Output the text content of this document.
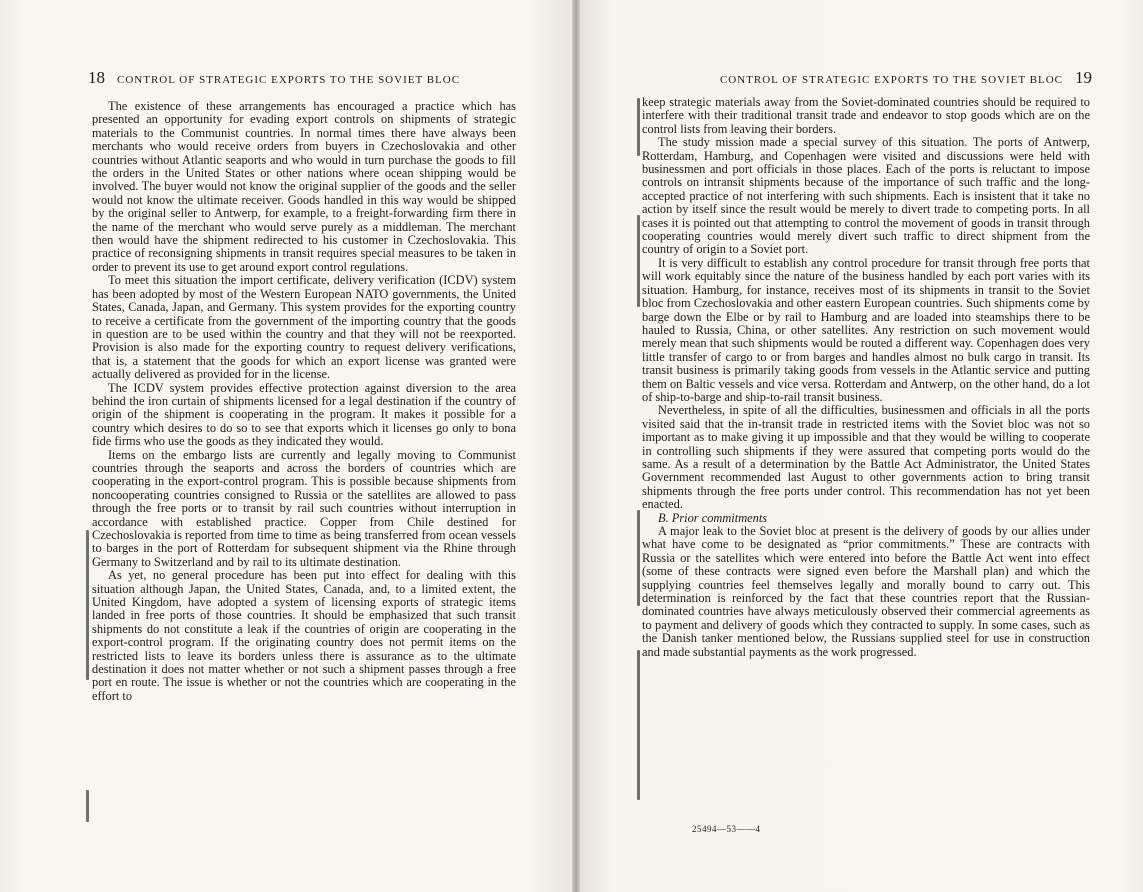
18 CONTROL OF STRATEGIC EXPORTS TO THE SOVIET BLOC

The existence of these arrangements has encouraged a practice which has presented an opportunity for evading export controls on shipments of strategic materials to the Communist countries. In normal times there have always been merchants who would receive orders from buyers in Czechoslovakia and other countries without Atlantic seaports and who would in turn purchase the goods to fill the orders in the United States or other nations where ocean shipping would be involved. The buyer would not know the original supplier of the goods and the seller would not know the ultimate receiver. Goods handled in this way would be shipped by the original seller to Antwerp, for example, to a freight-forwarding firm there in the name of the merchant who would serve purely as a middleman. The merchant then would have the shipment redirected to his customer in Czechoslovakia. This practice of reconsigning shipments in transit requires special measures to be taken in order to prevent its use to get around export control regulations.

To meet this situation the import certificate, delivery verification (ICDV) system has been adopted by most of the Western European NATO governments, the United States, Canada, Japan, and Germany. This system provides for the exporting country to receive a certificate from the government of the importing country that the goods in question are to be used within the country and that they will not be reexported. Provision is also made for the exporting country to request delivery verifications, that is, a statement that the goods for which an export license was granted were actually delivered as provided for in the license.

The ICDV system provides effective protection against diversion to the area behind the iron curtain of shipments licensed for a legal destination if the country of origin of the shipment is cooperating in the program. It makes it possible for a country which desires to do so to see that exports which it licenses go only to bona fide firms who use the goods as they indicated they would.

Items on the embargo lists are currently and legally moving to Communist countries through the seaports and across the borders of countries which are cooperating in the export-control program. This is possible because shipments from noncooperating countries consigned to Russia or the satellites are allowed to pass through the free ports or to transit by rail such countries without interruption in accordance with established practice. Copper from Chile destined for Czechoslovakia is reported from time to time as being transferred from ocean vessels to barges in the port of Rotterdam for subsequent shipment via the Rhine through Germany to Switzerland and by rail to its ultimate destination.

As yet, no general procedure has been put into effect for dealing with this situation although Japan, the United States, Canada, and, to a limited extent, the United Kingdom, have adopted a system of licensing exports of strategic items landed in free ports of those countries. It should be emphasized that such transit shipments do not constitute a leak if the countries of origin are cooperating in the export-control program. If the originating country does not permit items on the restricted lists to leave its borders unless there is assurance as to the ultimate destination it does not matter whether or not such a shipment passes through a free port en route. The issue is whether or not the countries which are cooperating in the effort to

CONTROL OF STRATEGIC EXPORTS TO THE SOVIET BLOC 19

keep strategic materials away from the Soviet-dominated countries should be required to interfere with their traditional transit trade and endeavor to stop goods which are on the control lists from leaving their borders.

The study mission made a special survey of this situation. The ports of Antwerp, Rotterdam, Hamburg, and Copenhagen were visited and discussions were held with businessmen and port officials in those places. Each of the ports is reluctant to impose controls on intransit shipments because of the importance of such traffic and the long-accepted practice of not interfering with such shipments. Each is insistent that it take no action by itself since the result would be merely to divert trade to competing ports. In all cases it is pointed out that attempting to control the movement of goods in transit through cooperating countries would merely divert such traffic to direct shipment from the country of origin to a Soviet port.

It is very difficult to establish any control procedure for transit through free ports that will work equitably since the nature of the business handled by each port varies with its situation. Hamburg, for instance, receives most of its shipments in transit to the Soviet bloc from Czechoslovakia and other eastern European countries. Such shipments come by barge down the Elbe or by rail to Hamburg and are loaded into steamships there to be hauled to Russia, China, or other satellites. Any restriction on such movement would merely mean that such shipments would be routed a different way. Copenhagen does very little transfer of cargo to or from barges and handles almost no bulk cargo in transit. Its transit business is primarily taking goods from vessels in the Atlantic service and putting them on Baltic vessels and vice versa. Rotterdam and Antwerp, on the other hand, do a lot of ship-to-barge and ship-to-rail transit business.

Nevertheless, in spite of all the difficulties, businessmen and officials in all the ports visited said that the in-transit trade in restricted items with the Soviet bloc was not so important as to make giving it up impossible and that they would be willing to cooperate in controlling such shipments if they were assured that competing ports would do the same. As a result of a determination by the Battle Act Administrator, the United States Government recommended last August to other governments action to bring transit shipments through the free ports under control. This recommendation has not yet been enacted.

B. Prior commitments

A major leak to the Soviet bloc at present is the delivery of goods by our allies under what have come to be designated as “prior commitments.” These are contracts with Russia or the satellites which were entered into before the Battle Act went into effect (some of these contracts were signed even before the Marshall plan) and which the supplying countries feel themselves legally and morally bound to carry out. This determination is reinforced by the fact that these countries report that the Russian-dominated countries have always meticulously observed their commercial agreements as to payment and delivery of goods which they contracted to supply. In some cases, such as the Danish tanker mentioned below, the Russians supplied steel for use in construction and made substantial payments as the work progressed.

25494—53——4
